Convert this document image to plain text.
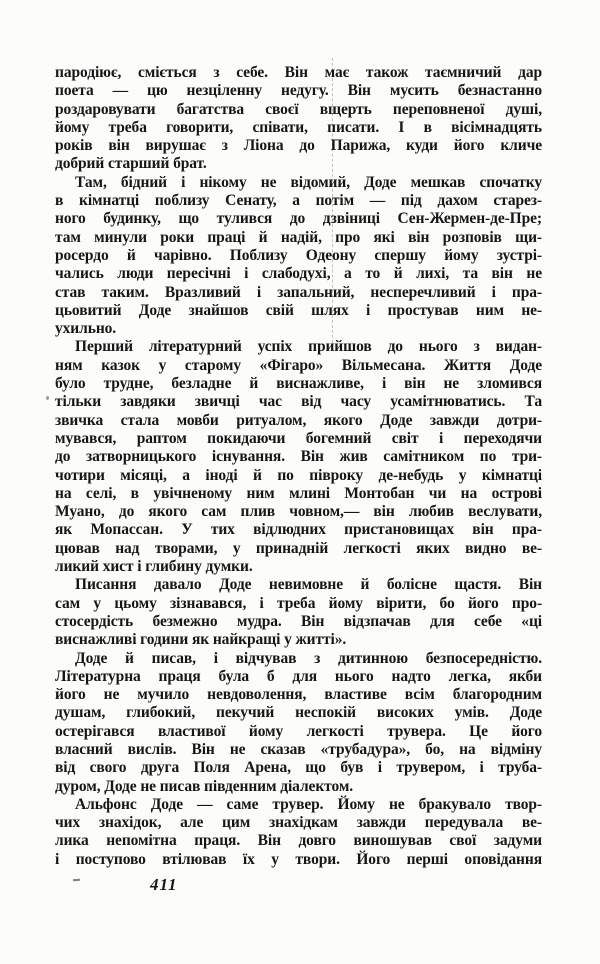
пародіює, сміється з себе. Він має також таємничий дар
поета — цю незціленну недугу. Він мусить безнастанно
роздаровувати багатства своєї вщерть переповненої душі,
йому треба говорити, співати, писати. І в вісімнадцять
років він вирушає з Ліона до Парижа, куди його кличе
добрий старший брат.
Там, бідний і нікому не відомий, Доде мешкав спочатку
в кімнатці поблизу Сенату, а потім — під дахом старез-
ного будинку, що тулився до дзвіниці Сен-Жермен-де-Пре;
там минули роки праці й надій, про які він розповів щи-
росердо й чарівно. Поблизу Одеону спершу йому зустрі-
чались люди пересічні і слабодухі, а то й лихі, та він не
став таким. Вразливий і запальний, несперечливий і пра-
цьовитий Доде знайшов свій шлях і простував ним не-
ухильно.
Перший літературний успіх прийшов до нього з видан-
ням казок у старому «Фігаро» Вільмесана. Життя Доде
було трудне, безладне й виснажливе, і він не зломився
тільки завдяки звичці час від часу усамітнюватись. Та
звичка стала мовби ритуалом, якого Доде завжди дотри-
мувався, раптом покидаючи богемний світ і переходячи
до затворницького існування. Він жив самітником по три-
чотири місяці, а іноді й по півроку де-небудь у кімнатці
на селі, в увічненому ним млині Монтобан чи на острові
Муано, до якого сам плив човном,— він любив веслувати,
як Мопассан. У тих відлюдних пристановищах він пра-
цював над творами, у принадній легкості яких видно ве-
ликий хист і глибину думки.
Писання давало Доде невимовне й болісне щастя. Він
сам у цьому зізнавався, і треба йому вірити, бо його про-
стосердість безмежно мудра. Він відзпачав для себе «ці
виснажливі години як найкращі у житті».
Доде й писав, і відчував з дитинною безпосередністю.
Літературна праця була б для нього надто легка, якби
його не мучило невдоволення, властиве всім благородним
душам, глибокий, пекучий неспокій високих умів. Доде
остерігався властивої йому легкості трувера. Це його
власний вислів. Він не сказав «трубадура», бо, на відміну
від свого друга Поля Арена, що був і трувером, і труба-
дуром, Доде не писав південним діалектом.
Альфонс Доде — саме трувер. Йому не бракувало твор-
чих знахідок, але цим знахідкам завжди передувала ве-
лика непомітна праця. Він довго виношував свої задуми
і поступово втілював їх у твори. Його перші оповідання
411
